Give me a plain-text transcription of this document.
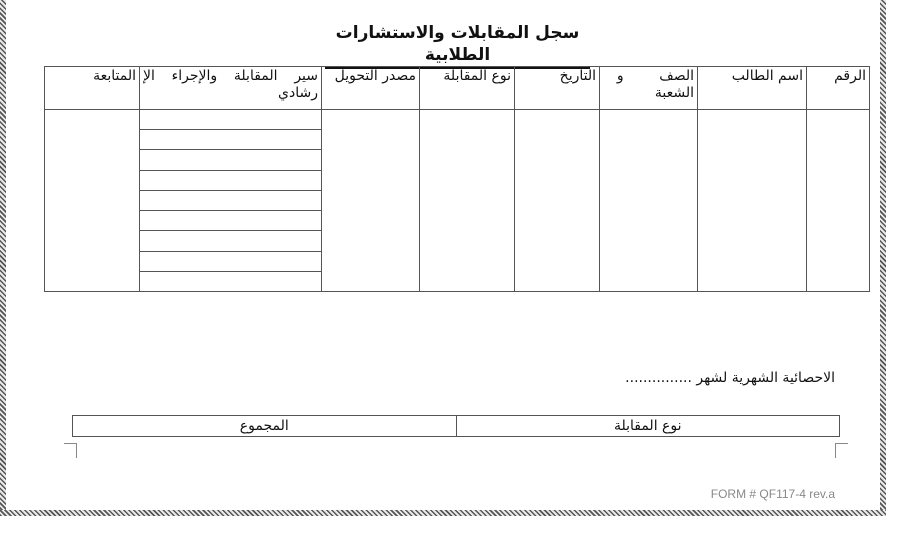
سجل المقابلات والاستشارات الطلابية
الرقم	اسم الطالب	الصف        و الشعبة	التاريخ	نوع المقابلة	مصدر التحويل	سير المقابلة والإجراء الإ رشادي	المتابعة

الاحصائية الشهرية لشهر ...............
نوع المقابلة	المجموع
FORM # QF117-4 rev.a
